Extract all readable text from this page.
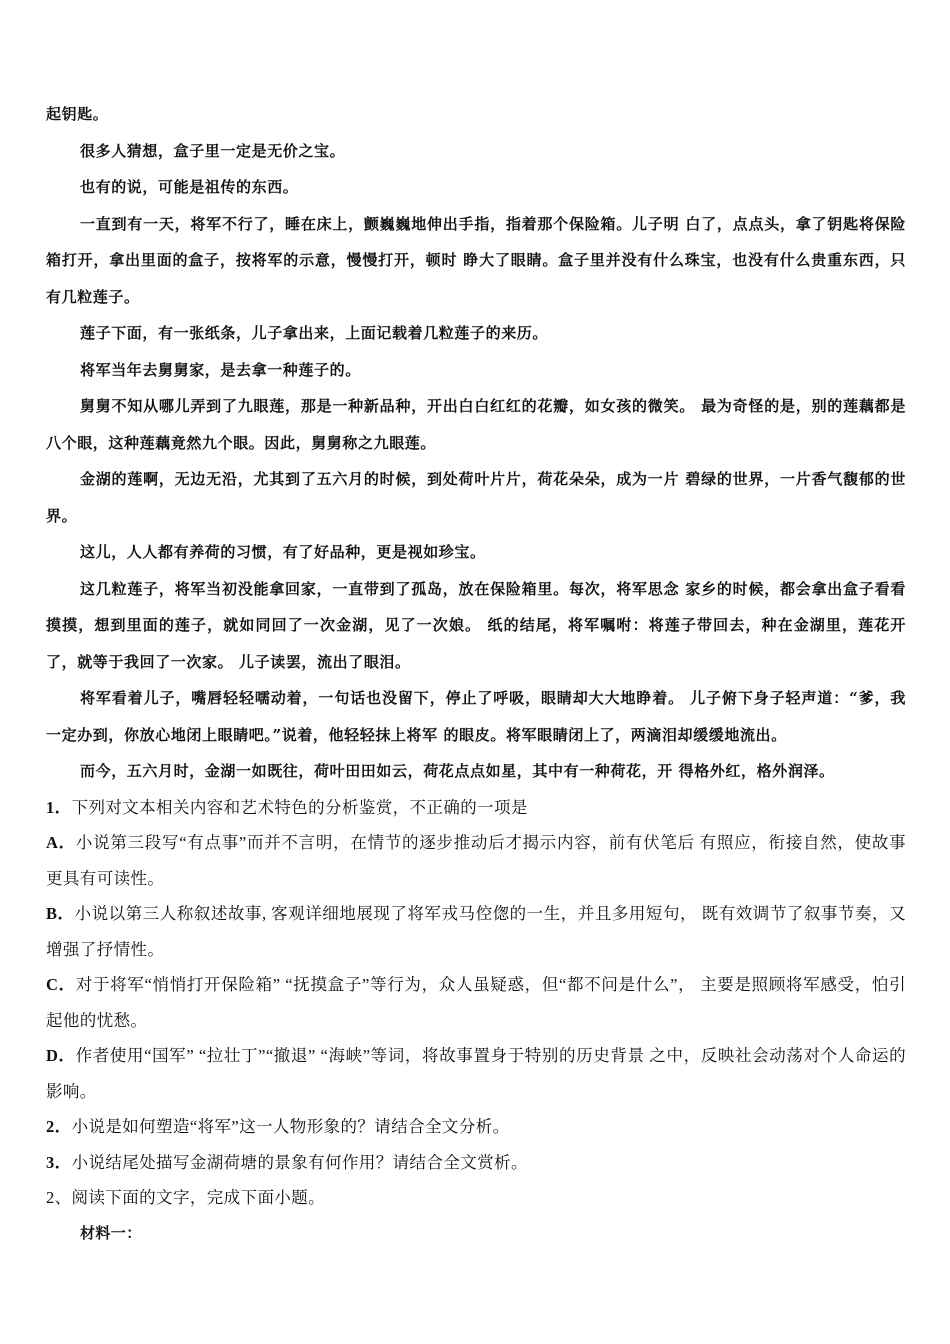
起钥匙。

很多人猜想，盒子里一定是无价之宝。

也有的说，可能是祖传的东西。

一直到有一天，将军不行了，睡在床上，颤巍巍地伸出手指，指着那个保险箱。儿子明 白了，点点头，拿了钥匙将保险箱打开，拿出里面的盒子，按将军的示意，慢慢打开，顿时 睁大了眼睛。盒子里并没有什么珠宝，也没有什么贵重东西，只有几粒莲子。

莲子下面，有一张纸条，儿子拿出来，上面记载着几粒莲子的来历。

将军当年去舅舅家，是去拿一种莲子的。

舅舅不知从哪儿弄到了九眼莲，那是一种新品种，开出白白红红的花瓣，如女孩的微笑。 最为奇怪的是，别的莲藕都是八个眼，这种莲藕竟然九个眼。因此，舅舅称之九眼莲。

金湖的莲啊，无边无沿，尤其到了五六月的时候，到处荷叶片片，荷花朵朵，成为一片 碧绿的世界，一片香气馥郁的世界。

这儿，人人都有养荷的习惯，有了好品种，更是视如珍宝。

这几粒莲子，将军当初没能拿回家，一直带到了孤岛，放在保险箱里。每次，将军思念 家乡的时候，都会拿出盒子看看摸摸，想到里面的莲子，就如同回了一次金湖，见了一次娘。 纸的结尾，将军嘱咐：将莲子带回去，种在金湖里，莲花开了，就等于我回了一次家。 儿子读罢，流出了眼泪。

将军看着儿子，嘴唇轻轻嚅动着，一句话也没留下，停止了呼吸，眼睛却大大地睁着。 儿子俯下身子轻声道：“爹，我一定办到，你放心地闭上眼睛吧。”说着，他轻轻抹上将军 的眼皮。将军眼睛闭上了，两滴泪却缓缓地流出。

而今，五六月时，金湖一如既往，荷叶田田如云，荷花点点如星，其中有一种荷花，开 得格外红，格外润泽。

1．下列对文本相关内容和艺术特色的分析鉴赏，不正确的一项是

A．小说第三段写“有点事”而并不言明，在情节的逐步推动后才揭示内容，前有伏笔后 有照应，衔接自然，使故事更具有可读性。

B．小说以第三人称叙述故事, 客观详细地展现了将军戎马倥偬的一生，并且多用短句， 既有效调节了叙事节奏，又增强了抒情性。

C．对于将军“悄悄打开保险箱” “抚摸盒子”等行为，众人虽疑惑，但“都不问是什么”， 主要是照顾将军感受，怕引起他的忧愁。

D．作者使用“国军” “拉壮丁”“撤退” “海峡”等词，将故事置身于特别的历史背景 之中，反映社会动荡对个人命运的影响。

2．小说是如何塑造“将军”这一人物形象的？请结合全文分析。

3．小说结尾处描写金湖荷塘的景象有何作用？请结合全文赏析。

2、阅读下面的文字，完成下面小题。

材料一：
